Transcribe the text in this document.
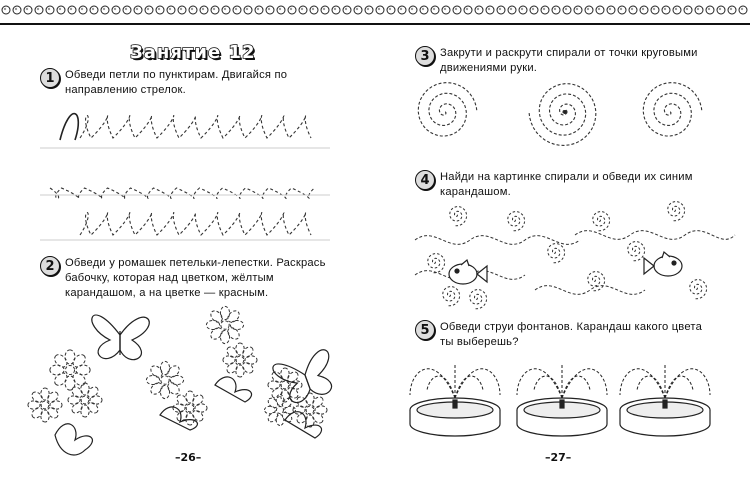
Занятие 12
1 Обведи петли по пунктирам. Двигайся по направлению стрелок.
2 Обведи у ромашек петельки-лепестки. Раскрась бабочку, которая над цветком, жёлтым карандашом, а на цветке — красным.
–26–
3 Закрути и раскрути спирали от точки круговыми движениями руки.
4 Найди на картинке спирали и обведи их синим карандашом.
5 Обведи струи фонтанов. Карандаш какого цвета ты выберешь?
–27–
